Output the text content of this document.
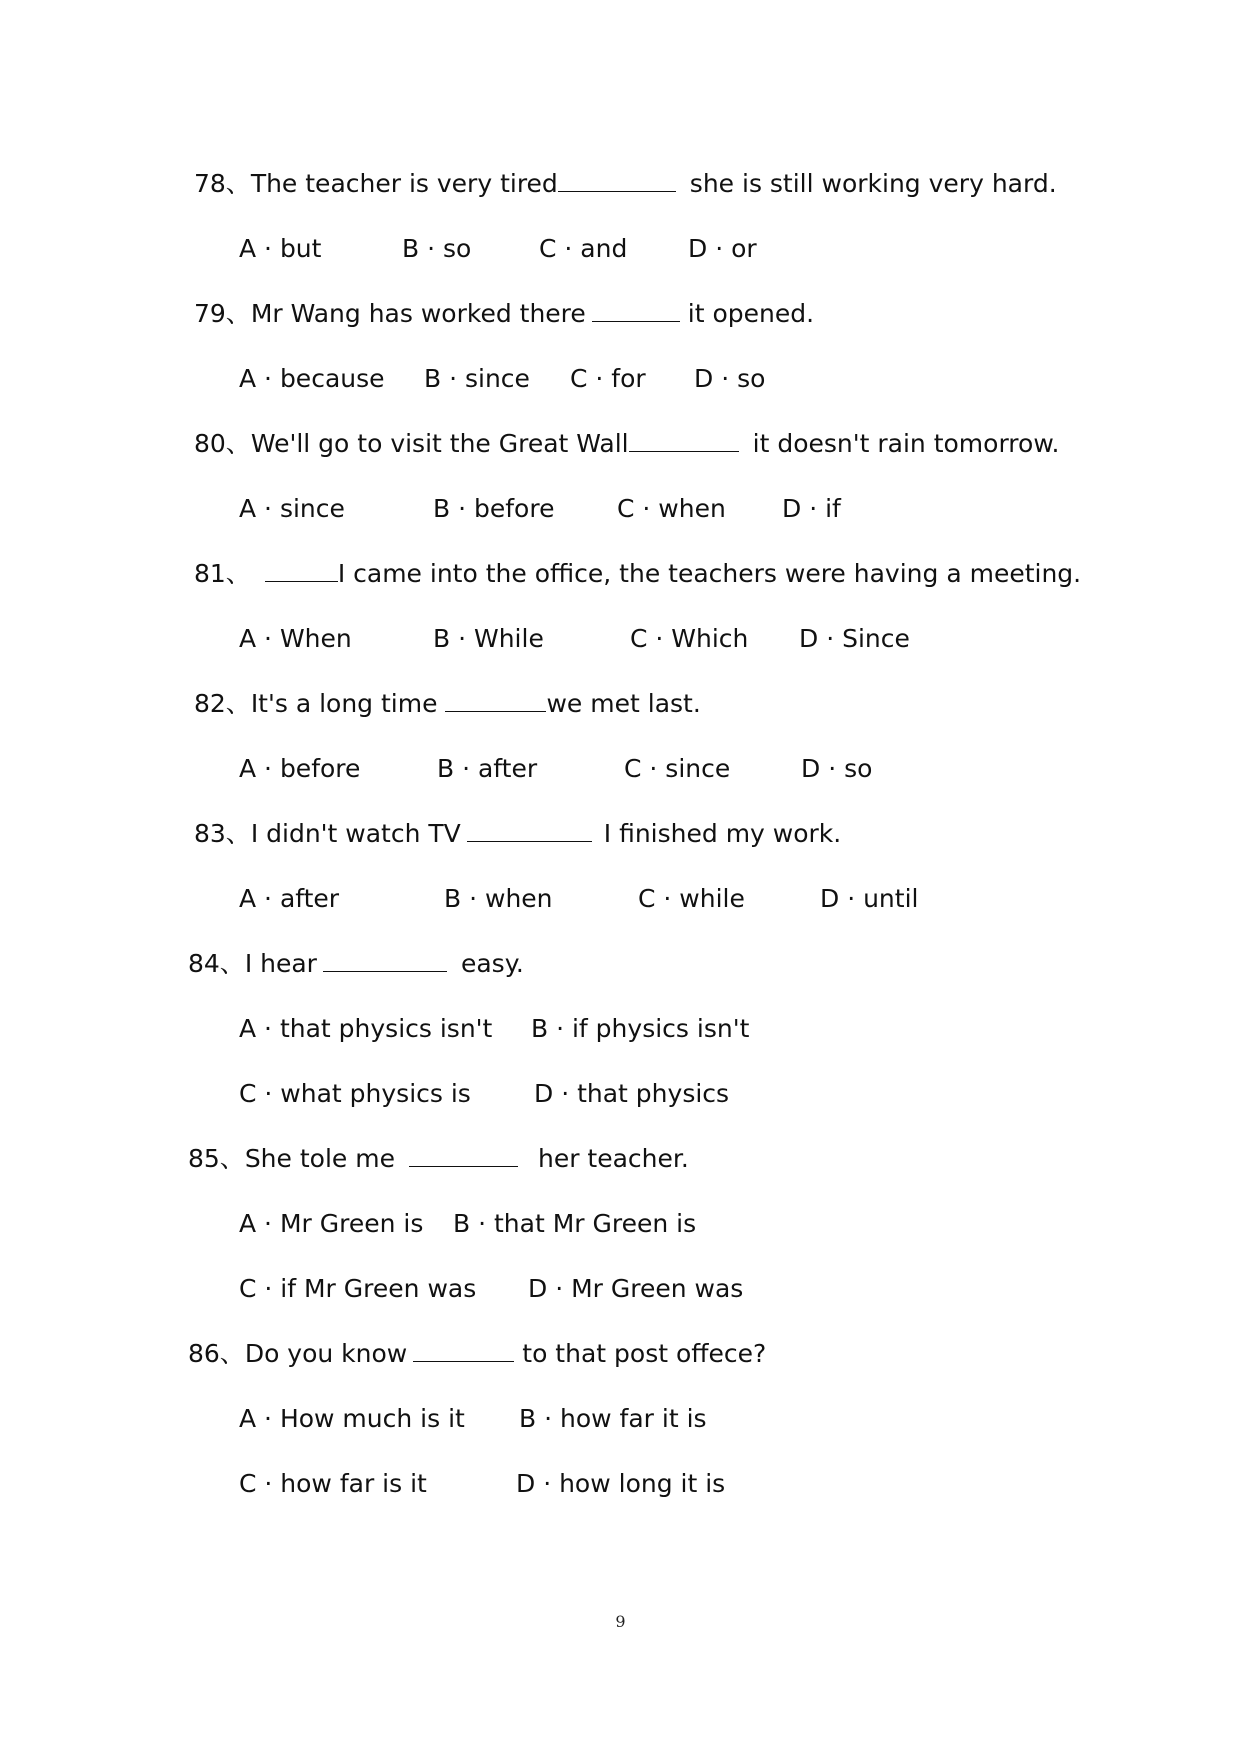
78、The teacher is very tired	she is still working very hard.
A · but	B · so	C · and D · or
79、Mr Wang has worked there	it opened.
A · because B · since C · for D · so
80、We'll go to visit the Great Wall	it doesn't rain tomorrow.
A · since	B · before	C · when D · if
81、	I came into the office, the teachers were having a meeting.
A · When	B · While	C · Which D · Since
82、It's a long time	we met last.
A · before	B · after	C · since	D · so
83、I didn't watch TV	I finished my work.
A · after	B · when	C · while	D · until
84、I hear	easy.
A · that physics isn't B · if physics isn't
C · what physics is	D · that physics
85、She tole me	her teacher.
A · Mr Green is B · that Mr Green is
C · if Mr Green was D · Mr Green was
86、Do you know	to that post offece?
A · How much is it B · how far it is
C · how far is it	D · how long it is
9
